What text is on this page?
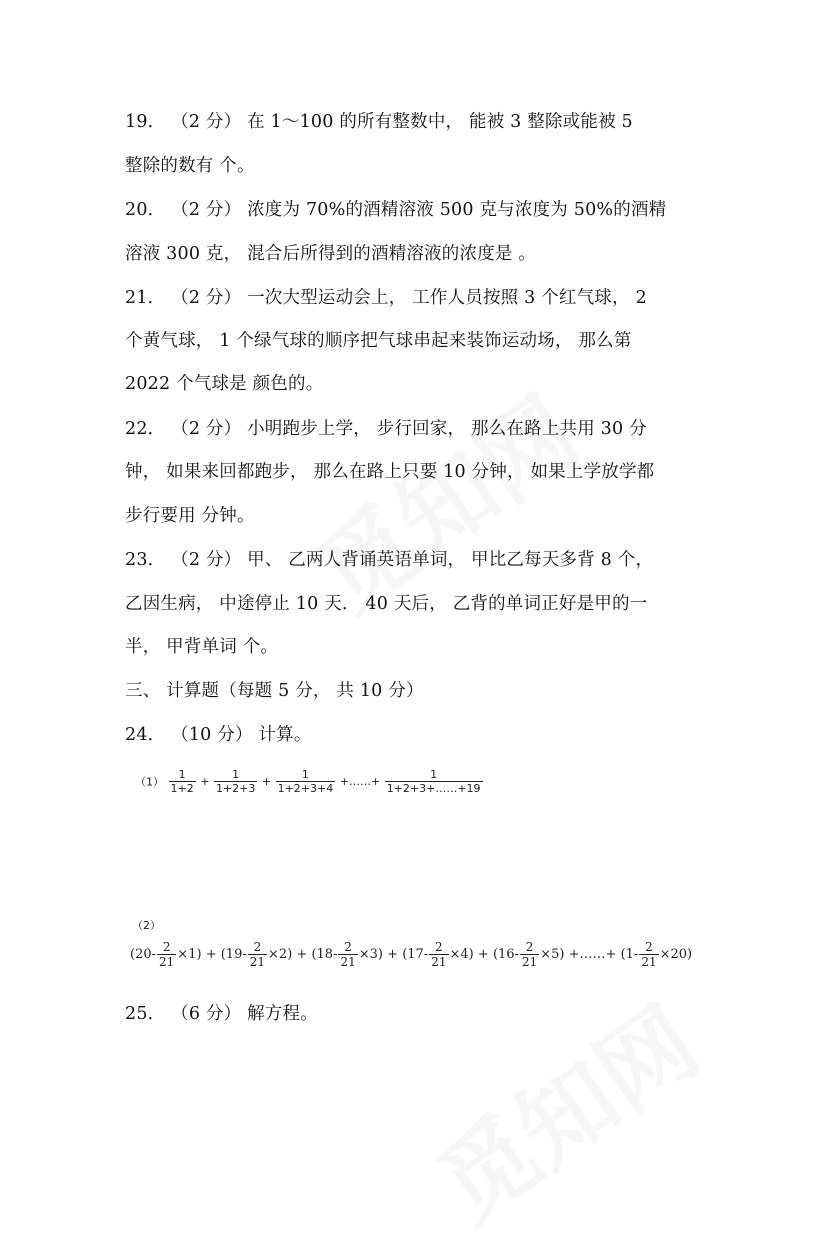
19． （2 分） 在 1～100 的所有整数中， 能被 3 整除或能被 5
整除的数有 个。
20． （2 分） 浓度为 70%的酒精溶液 500 克与浓度为 50%的酒精
溶液 300 克， 混合后所得到的酒精溶液的浓度是 。
21． （2 分） 一次大型运动会上， 工作人员按照 3 个红气球， 2
个黄气球， 1 个绿气球的顺序把气球串起来装饰运动场， 那么第
2022 个气球是 颜色的。
22． （2 分） 小明跑步上学， 步行回家， 那么在路上共用 30 分
钟， 如果来回都跑步， 那么在路上只要 10 分钟， 如果上学放学都
步行要用 分钟。
23． （2 分） 甲、 乙两人背诵英语单词， 甲比乙每天多背 8 个，
乙因生病， 中途停止 10 天． 40 天后， 乙背的单词正好是甲的一
半， 甲背单词 个。
三、 计算题（每题 5 分， 共 10 分）
24． （10 分） 计算。
$(1) \frac{1}{1+2} + \frac{1}{1+2+3} + \frac{1}{1+2+3+4}$ +……+ $\frac{1}{1+2+3+\dots\dots+19}$
（2）
$(20- \frac{2}{21} \times 1) + (19- \frac{2}{21} \times 2) + (18- \frac{2}{21} \times 3) + (17- \frac{2}{21} \times 4) + (16- \frac{2}{21} \times 5)$ +……+ $(1- \frac{2}{21} \times 20)$
25． （6 分） 解方程。
